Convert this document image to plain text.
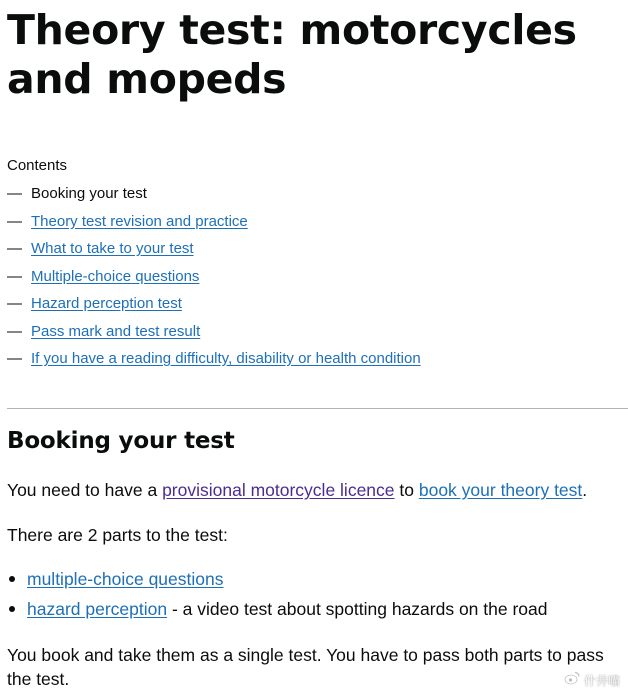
Theory test: motorcycles and mopeds
Contents
— Booking your test
— Theory test revision and practice
— What to take to your test
— Multiple-choice questions
— Hazard perception test
— Pass mark and test result
— If you have a reading difficulty, disability or health condition
Booking your test

You need to have a provisional motorcycle licence to book your theory test.

There are 2 parts to the test:

multiple-choice questions
hazard perception - a video test about spotting hazards on the road

You book and take them as a single test. You have to pass both parts to pass the test.	什井喵
